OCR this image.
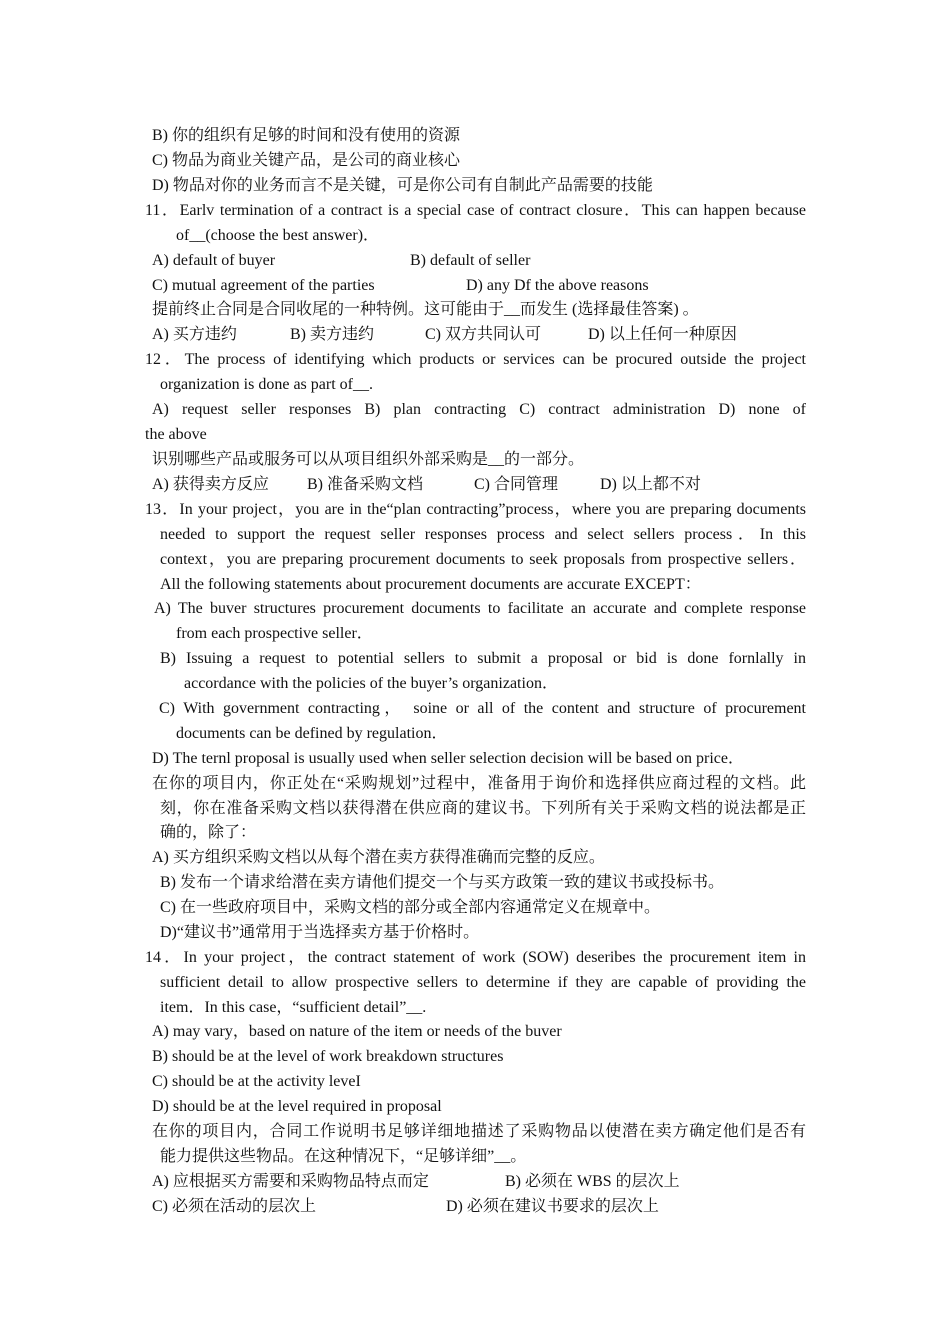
B) 你的组织有足够的时间和没有使用的资源
C) 物品为商业关键产品，是公司的商业核心
D) 物品对你的业务而言不是关键，可是你公司有自制此产品需要的技能
11．Earlv termination of a contract is a special case of contract closure．This can happen because
of__(choose the best answer)．
A) default of buyer	B) default of seller
C) mutual agreement of the parties	D) any Df the above reasons
提前终止合同是合同收尾的一种特例。这可能由于__而发生 (选择最佳答案) 。
A) 买方违约	B) 卖方违约	C) 双方共同认可	D) 以上任何一种原因
12．The process of identifying which products or services can be procured outside the project
organization is done as part of__.
A) request seller responses B) plan contracting C) contract administration D) none of
the above
识别哪些产品或服务可以从项目组织外部采购是__的一部分。
A) 获得卖方反应 B) 准备采购文档	C) 合同管理	D) 以上都不对
13．In your project，you are in the“plan contracting”process，where you are preparing documents
needed to support the request seller responses process and select sellers process．In this
context，you are preparing procurement documents to seek proposals from prospective sellers．
All the following statements about procurement documents are accurate EXCEPT：
A) The buver structures procurement documents to facilitate an accurate and complete response
from each prospective seller．
B) Issuing a request to potential sellers to submit a proposal or bid is done fornlally in
accordance with the policies of the buyer’s organization．
C) With government contracting， soine or all of the content and structure of procurement
documents can be defined by regulation．
D) The ternl proposal is usually used when seller selection decision will be based on price．
在你的项目内，你正处在“采购规划”过程中，准备用于询价和选择供应商过程的文档。此
刻，你在准备采购文档以获得潜在供应商的建议书。下列所有关于采购文档的说法都是正
确的，除了：
A) 买方组织采购文档以从每个潜在卖方获得准确而完整的反应。
B) 发布一个请求给潜在卖方请他们提交一个与买方政策一致的建议书或投标书。
C) 在一些政府项目中，采购文档的部分或全部内容通常定义在规章中。
D)“建议书”通常用于当选择卖方基于价格时。
14．In your project，the contract statement of work (SOW) deseribes the procurement item in
sufficient detail to allow prospective sellers to determine if they are capable of providing the
item．In this case，“sufficient detail”__.
A) may vary，based on nature of the item or needs of the buver
B) should be at the level of work breakdown structures
C) should be at the activity leveI
D) should be at the level required in proposal
在你的项目内，合同工作说明书足够详细地描述了采购物品以使潜在卖方确定他们是否有
能力提供这些物品。在这种情况下，“足够详细”__。
A) 应根据买方需要和采购物品特点而定	B) 必须在 WBS 的层次上
C) 必须在活动的层次上	D) 必须在建议书要求的层次上
